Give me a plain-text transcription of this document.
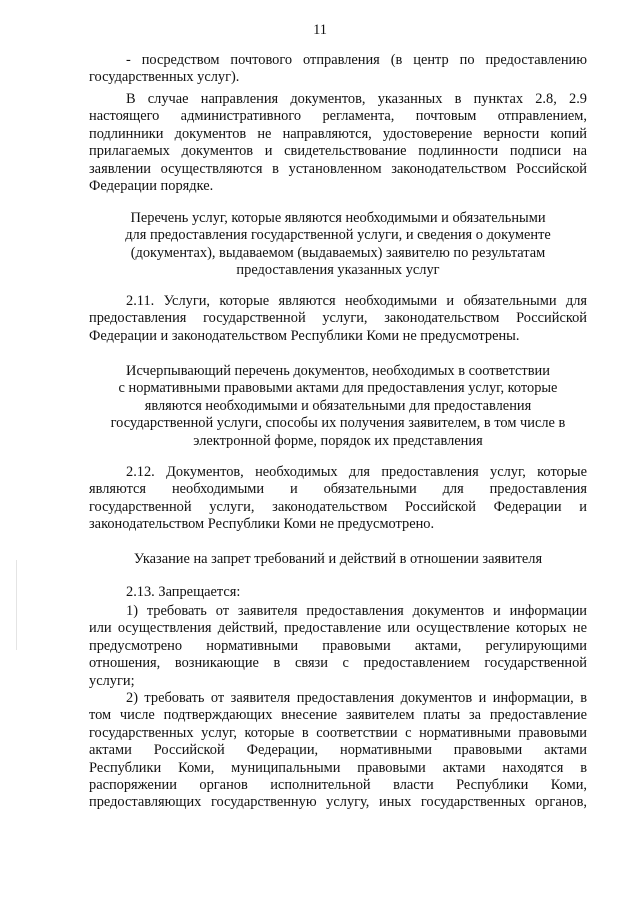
11
- посредством почтового отправления (в центр по предоставлению
государственных услуг).
В случае направления документов, указанных в пунктах 2.8, 2.9
настоящего административного регламента, почтовым отправлением,
подлинники документов не направляются, удостоверение верности копий
прилагаемых документов и свидетельствование подлинности подписи на
заявлении осуществляются в установленном законодательством Российской
Федерации порядке.
Перечень услуг, которые являются необходимыми и обязательными
для предоставления государственной услуги, и сведения о документе
(документах), выдаваемом (выдаваемых) заявителю по результатам
предоставления указанных услуг
2.11. Услуги, которые являются необходимыми и обязательными для
предоставления государственной услуги, законодательством Российской
Федерации и законодательством Республики Коми не предусмотрены.
Исчерпывающий перечень документов, необходимых в соответствии
с нормативными правовыми актами для предоставления услуг, которые
являются необходимыми и обязательными для предоставления
государственной услуги, способы их получения заявителем, в том числе в
электронной форме, порядок их представления
2.12. Документов, необходимых для предоставления услуг, которые
являются необходимыми и обязательными для предоставления
государственной услуги, законодательством Российской Федерации и
законодательством Республики Коми не предусмотрено.
Указание на запрет требований и действий в отношении заявителя
2.13. Запрещается:
1) требовать от заявителя предоставления документов и информации
или осуществления действий, предоставление или осуществление которых не
предусмотрено нормативными правовыми актами, регулирующими
отношения, возникающие в связи с предоставлением государственной
услуги;
2) требовать от заявителя предоставления документов и информации, в
том числе подтверждающих внесение заявителем платы за предоставление
государственных услуг, которые в соответствии с нормативными правовыми
актами Российской Федерации, нормативными правовыми актами
Республики Коми, муниципальными правовыми актами находятся в
распоряжении органов исполнительной власти Республики Коми,
предоставляющих государственную услугу, иных государственных органов,
